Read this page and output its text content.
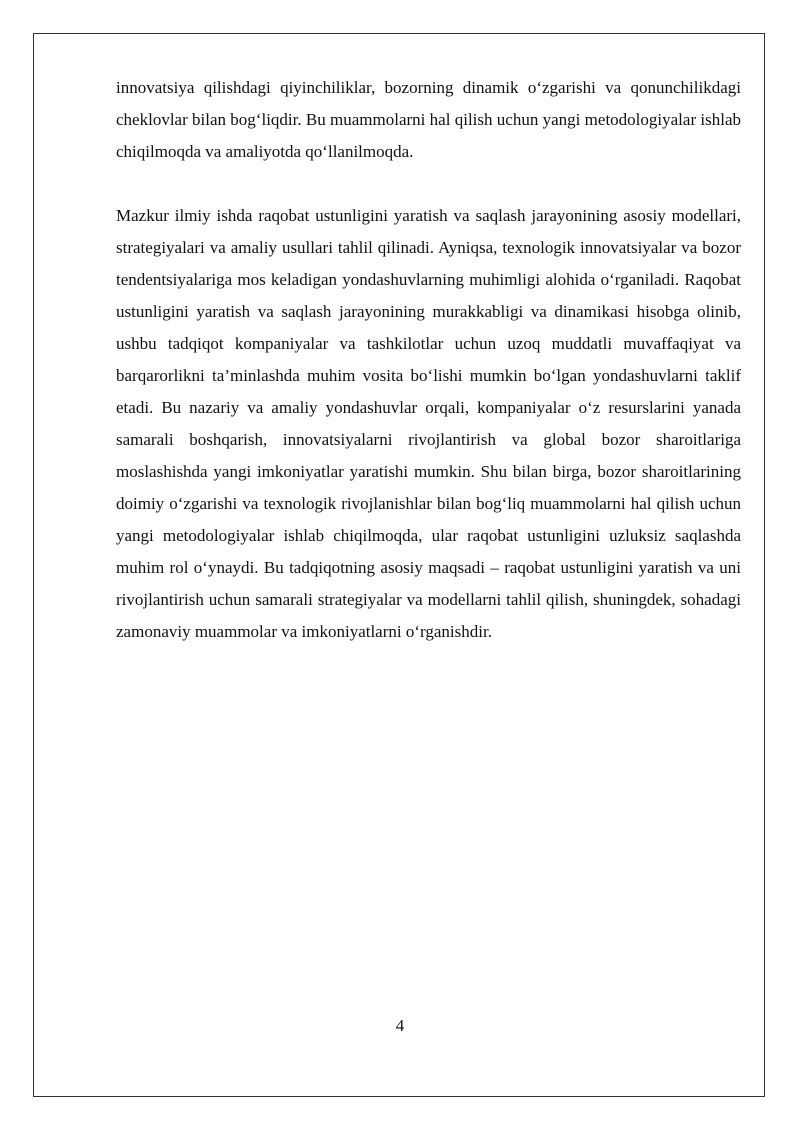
innovatsiya qilishdagi qiyinchiliklar, bozorning dinamik o‘zgarishi va qonunchilikdagi cheklovlar bilan bog‘liqdir. Bu muammolarni hal qilish uchun yangi metodologiyalar ishlab chiqilmoqda va amaliyotda qo‘llanilmoqda.

Mazkur ilmiy ishda raqobat ustunligini yaratish va saqlash jarayonining asosiy modellari, strategiyalari va amaliy usullari tahlil qilinadi. Ayniqsa, texnologik innovatsiyalar va bozor tendentsiyalariga mos keladigan yondashuvlarning muhimligi alohida o‘rganiladi. Raqobat ustunligini yaratish va saqlash jarayonining murakkabligi va dinamikasi hisobga olinib, ushbu tadqiqot kompaniyalar va tashkilotlar uchun uzoq muddatli muvaffaqiyat va barqarorlikni ta’minlashda muhim vosita bo‘lishi mumkin bo‘lgan yondashuvlarni taklif etadi. Bu nazariy va amaliy yondashuvlar orqali, kompaniyalar o‘z resurslarini yanada samarali boshqarish, innovatsiyalarni rivojlantirish va global bozor sharoitlariga moslashishda yangi imkoniyatlar yaratishi mumkin. Shu bilan birga, bozor sharoitlarining doimiy o‘zgarishi va texnologik rivojlanishlar bilan bog‘liq muammolarni hal qilish uchun yangi metodologiyalar ishlab chiqilmoqda, ular raqobat ustunligini uzluksiz saqlashda muhim rol o‘ynaydi. Bu tadqiqotning asosiy maqsadi – raqobat ustunligini yaratish va uni rivojlantirish uchun samarali strategiyalar va modellarni tahlil qilish, shuningdek, sohadagi zamonaviy muammolar va imkoniyatlarni o‘rganishdir.

4
